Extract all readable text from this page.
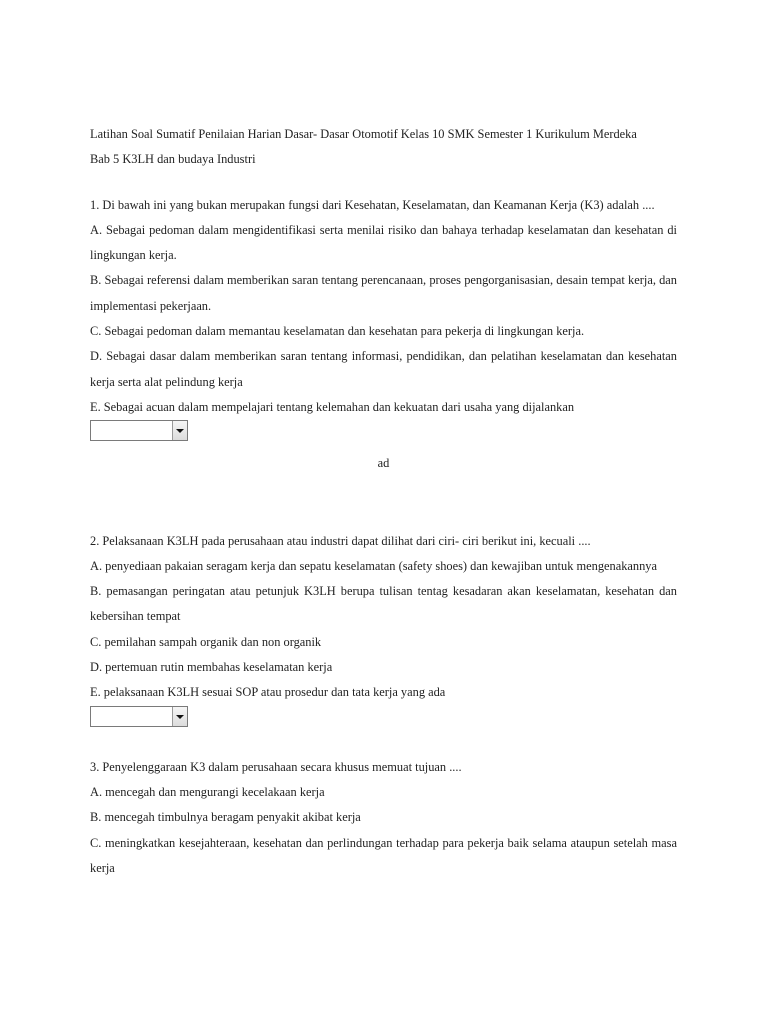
Latihan Soal Sumatif Penilaian Harian Dasar- Dasar Otomotif Kelas 10 SMK Semester 1 Kurikulum Merdeka
Bab 5 K3LH dan budaya Industri
1. Di bawah ini yang bukan merupakan fungsi dari Kesehatan, Keselamatan, dan Keamanan Kerja (K3) adalah ....
A. Sebagai pedoman dalam mengidentifikasi serta menilai risiko dan bahaya terhadap keselamatan dan kesehatan di lingkungan kerja.
B. Sebagai referensi dalam memberikan saran tentang perencanaan, proses pengorganisasian, desain tempat kerja, dan implementasi pekerjaan.
C. Sebagai pedoman dalam memantau keselamatan dan kesehatan para pekerja di lingkungan kerja.
D. Sebagai dasar dalam memberikan saran tentang informasi, pendidikan, dan pelatihan keselamatan dan kesehatan kerja serta alat pelindung kerja
E. Sebagai acuan dalam mempelajari tentang kelemahan dan kekuatan dari usaha yang dijalankan
ad
2. Pelaksanaan K3LH pada perusahaan atau industri dapat dilihat dari ciri- ciri berikut ini, kecuali ....
A. penyediaan pakaian seragam kerja dan sepatu keselamatan (safety shoes) dan kewajiban untuk mengenakannya
B. pemasangan peringatan atau petunjuk K3LH berupa tulisan tentag kesadaran akan keselamatan, kesehatan dan kebersihan tempat
C. pemilahan sampah organik dan non organik
D. pertemuan rutin membahas keselamatan kerja
E. pelaksanaan K3LH sesuai SOP atau prosedur dan tata kerja yang ada
3. Penyelenggaraan K3 dalam perusahaan secara khusus memuat tujuan ....
A. mencegah dan mengurangi kecelakaan kerja
B. mencegah timbulnya beragam penyakit akibat kerja
C. meningkatkan kesejahteraan, kesehatan dan perlindungan terhadap para pekerja baik selama ataupun setelah masa kerja
